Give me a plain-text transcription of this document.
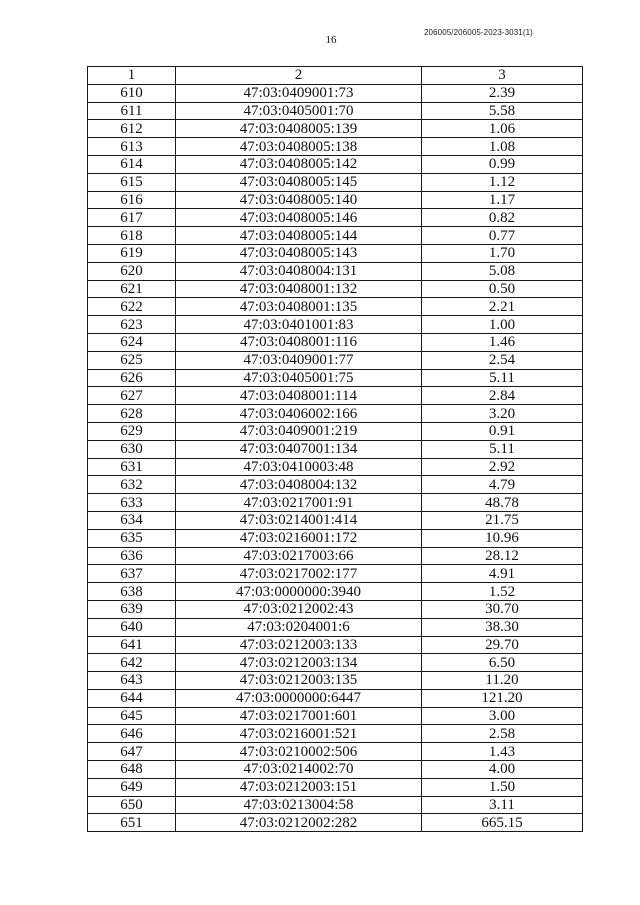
206005/206005-2023-3031(1)
16
1	2	3
610	47:03:0409001:73	2.39
611	47:03:0405001:70	5.58
612	47:03:0408005:139	1.06
613	47:03:0408005:138	1.08
614	47:03:0408005:142	0.99
615	47:03:0408005:145	1.12
616	47:03:0408005:140	1.17
617	47:03:0408005:146	0.82
618	47:03:0408005:144	0.77
619	47:03:0408005:143	1.70
620	47:03:0408004:131	5.08
621	47:03:0408001:132	0.50
622	47:03:0408001:135	2.21
623	47:03:0401001:83	1.00
624	47:03:0408001:116	1.46
625	47:03:0409001:77	2.54
626	47:03:0405001:75	5.11
627	47:03:0408001:114	2.84
628	47:03:0406002:166	3.20
629	47:03:0409001:219	0.91
630	47:03:0407001:134	5.11
631	47:03:0410003:48	2.92
632	47:03:0408004:132	4.79
633	47:03:0217001:91	48.78
634	47:03:0214001:414	21.75
635	47:03:0216001:172	10.96
636	47:03:0217003:66	28.12
637	47:03:0217002:177	4.91
638	47:03:0000000:3940	1.52
639	47:03:0212002:43	30.70
640	47:03:0204001:6	38.30
641	47:03:0212003:133	29.70
642	47:03:0212003:134	6.50
643	47:03:0212003:135	11.20
644	47:03:0000000:6447	121.20
645	47:03:0217001:601	3.00
646	47:03:0216001:521	2.58
647	47:03:0210002:506	1.43
648	47:03:0214002:70	4.00
649	47:03:0212003:151	1.50
650	47:03:0213004:58	3.11
651	47:03:0212002:282	665.15
